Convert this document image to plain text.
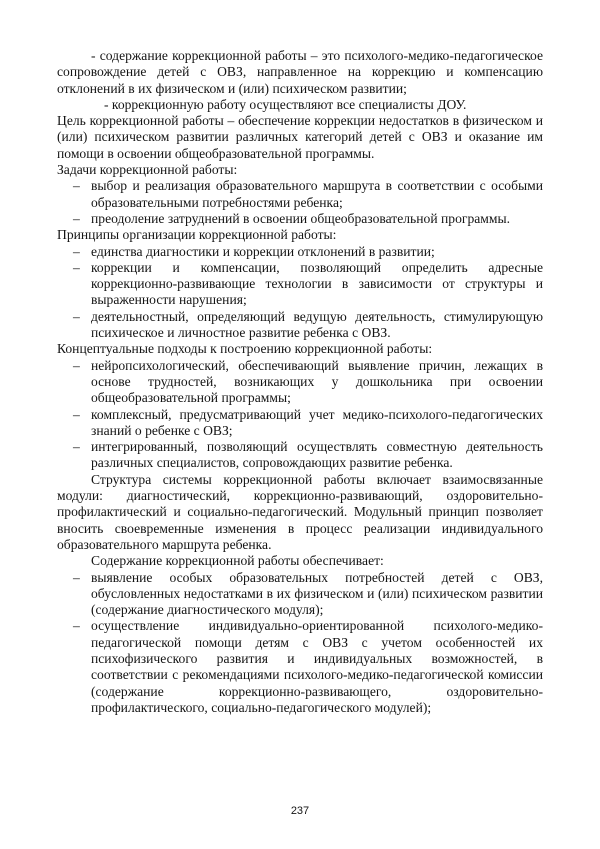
- содержание коррекционной работы – это психолого-медико-педагогическое сопровождение детей с ОВЗ, направленное на коррекцию и компенсацию отклонений в их физическом и (или) психическом развитии;

- коррекционную работу осуществляют все специалисты ДОУ.

Цель коррекционной работы – обеспечение коррекции недостатков в физическом и (или) психическом развитии различных категорий детей с ОВЗ и оказание им помощи в освоении общеобразовательной программы.

Задачи коррекционной работы:

– выбор и реализация образовательного маршрута в соответствии с особыми образовательными потребностями ребенка;
– преодоление затруднений в освоении общеобразовательной программы.

Принципы организации коррекционной работы:

– единства диагностики и коррекции отклонений в развитии;
– коррекции и компенсации, позволяющий определить адресные коррекционно-развивающие технологии в зависимости от структуры и выраженности нарушения;
– деятельностный, определяющий ведущую деятельность, стимулирующую психическое и личностное развитие ребенка с ОВЗ.

Концептуальные подходы к построению коррекционной работы:

– нейропсихологический, обеспечивающий выявление причин, лежащих в основе трудностей, возникающих у дошкольника при освоении общеобразовательной программы;
– комплексный, предусматривающий учет медико-психолого-педагогических знаний о ребенке с ОВЗ;
– интегрированный, позволяющий осуществлять совместную деятельность различных специалистов, сопровождающих развитие ребенка.

Структура системы коррекционной работы включает взаимосвязанные модули: диагностический, коррекционно-развивающий, оздоровительно-профилактический и социально-педагогический. Модульный принцип позволяет вносить своевременные изменения в процесс реализации индивидуального образовательного маршрута ребенка.

Содержание коррекционной работы обеспечивает:

– выявление особых образовательных потребностей детей с ОВЗ, обусловленных недостатками в их физическом и (или) психическом развитии (содержание диагностического модуля);
– осуществление индивидуально-ориентированной психолого-медико-педагогической помощи детям с ОВЗ с учетом особенностей их психофизического развития и индивидуальных возможностей, в соответствии с рекомендациями психолого-медико-педагогической комиссии (содержание коррекционно-развивающего, оздоровительно-профилактического, социально-педагогического модулей);
237
